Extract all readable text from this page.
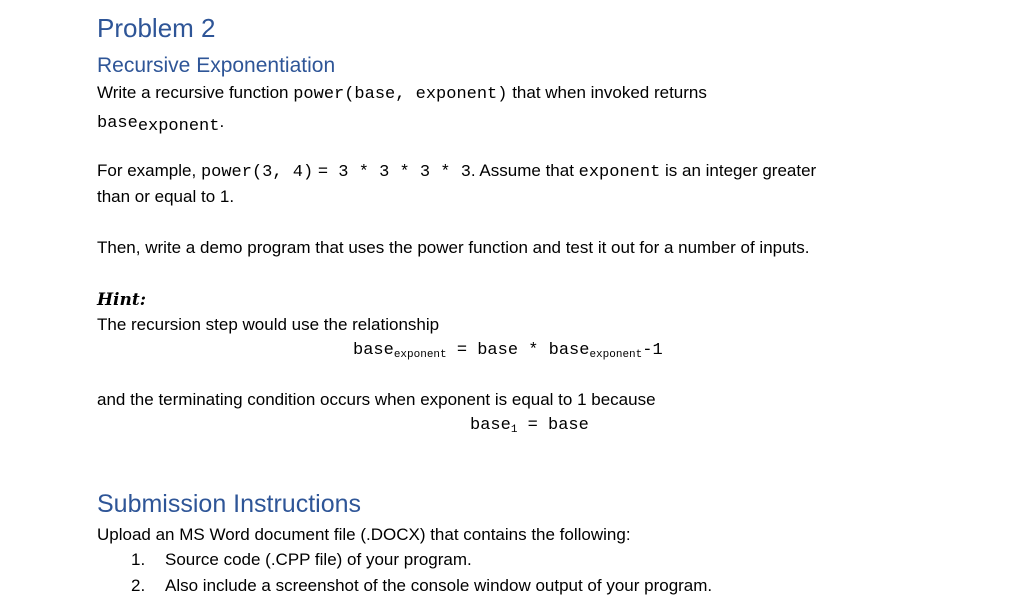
Problem 2
Recursive Exponentiation
Write a recursive function power(base, exponent) that when invoked returns
baseexponent.
For example, power(3, 4) = 3 * 3 * 3 * 3. Assume that exponent is an integer greater
than or equal to 1.
Then, write a demo program that uses the power function and test it out for a number of inputs.
Hint:
The recursion step would use the relationship
baseexponent = base * baseexponent-1
and the terminating condition occurs when exponent is equal to 1 because
base1 = base
Submission Instructions
Upload an MS Word document file (.DOCX) that contains the following:
1. Source code (.CPP file) of your program.
2. Also include a screenshot of the console window output of your program.
